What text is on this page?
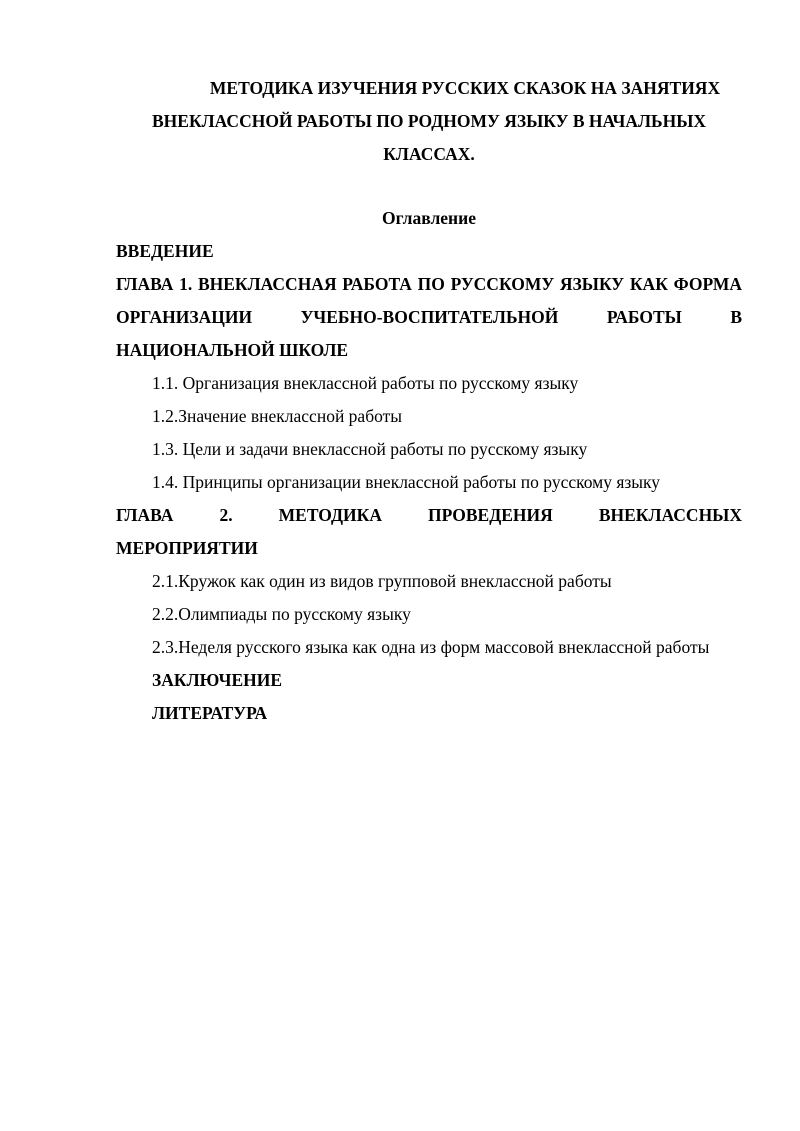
МЕТОДИКА ИЗУЧЕНИЯ РУССКИХ СКАЗОК НА ЗАНЯТИЯХ
ВНЕКЛАССНОЙ РАБОТЫ ПО РОДНОМУ ЯЗЫКУ В НАЧАЛЬНЫХ
КЛАССАХ.
Оглавление

ВВЕДЕНИЕ

ГЛАВА 1. ВНЕКЛАССНАЯ РАБОТА ПО РУССКОМУ ЯЗЫКУ КАК ФОРМА ОРГАНИЗАЦИИ УЧЕБНО-ВОСПИТАТЕЛЬНОЙ РАБОТЫ В НАЦИОНАЛЬНОЙ ШКОЛЕ

1.1. Организация внеклассной работы по русскому языку

1.2.Значение внеклассной работы

1.3. Цели и задачи внеклассной работы по русскому языку

1.4. Принципы организации внеклассной работы по русскому языку

ГЛАВА 2. МЕТОДИКА ПРОВЕДЕНИЯ ВНЕКЛАССНЫХ

МЕРОПРИЯТИИ

2.1.Кружок как один из видов групповой внеклассной работы

2.2.Олимпиады по русскому языку

2.3.Неделя русского языка как одна из форм массовой внеклассной работы

ЗАКЛЮЧЕНИЕ

ЛИТЕРАТУРА
